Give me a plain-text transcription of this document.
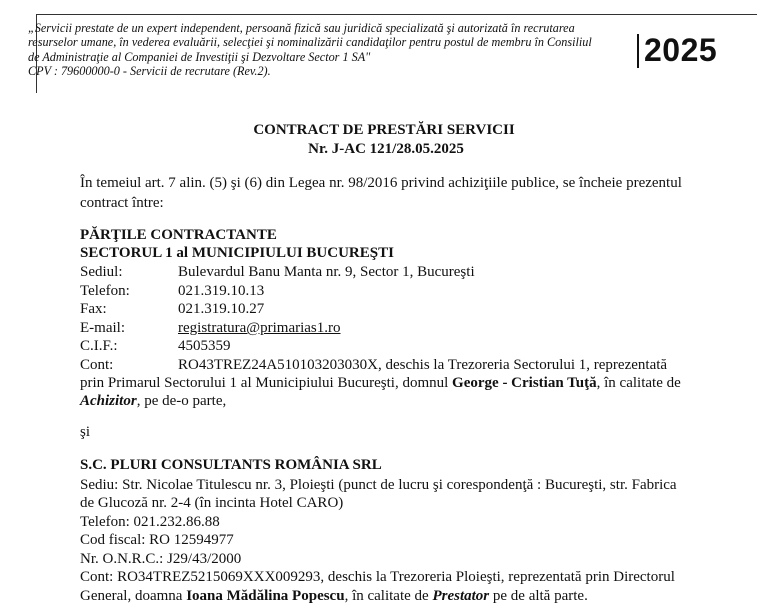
„Servicii prestate de un expert independent, persoană fizică sau juridică specializată şi autorizată în recrutarea
resurselor umane, în vederea evaluării, selecţiei şi nominalizării candidaţilor pentru postul de membru în Consiliul
de Administraţie al Companiei de Investiţii şi Dezvoltare Sector 1 SA"
CPV : 79600000-0 - Servicii de recrutare (Rev.2).
2025
CONTRACT DE PRESTĂRI SERVICII
Nr. J-AC 121/28.05.2025
În temeiul art. 7 alin. (5) şi (6) din Legea nr. 98/2016 privind achiziţiile publice, se încheie prezentul
contract între:
PĂRŢILE CONTRACTANTE
SECTORUL 1 al MUNICIPIULUI BUCUREŞTI
Sediul:	Bulevardul Banu Manta nr. 9, Sector 1, Bucureşti
Telefon:	021.319.10.13
Fax:	021.319.10.27
E-mail:	registratura@primarias1.ro
C.I.F.:	4505359
Cont:	RO43TREZ24A510103203030X, deschis la Trezoreria Sectorului 1, reprezentată
prin Primarul Sectorului 1 al Municipiului Bucureşti, domnul George - Cristian Tuţă, în calitate de
Achizitor, pe de-o parte,
şi
S.C. PLURI CONSULTANTS ROMÂNIA SRL
Sediu: Str. Nicolae Titulescu nr. 3, Ploieşti (punct de lucru şi corespondenţă : Bucureşti, str. Fabrica
de Glucoză nr. 2-4 (în incinta Hotel CARO)
Telefon: 021.232.86.88
Cod fiscal: RO 12594977
Nr. O.N.R.C.: J29/43/2000
Cont: RO34TREZ5215069XXX009293, deschis la Trezoreria Ploieşti, reprezentată prin Directorul
General, doamna Ioana Mădălina Popescu, în calitate de Prestator pe de altă parte.
